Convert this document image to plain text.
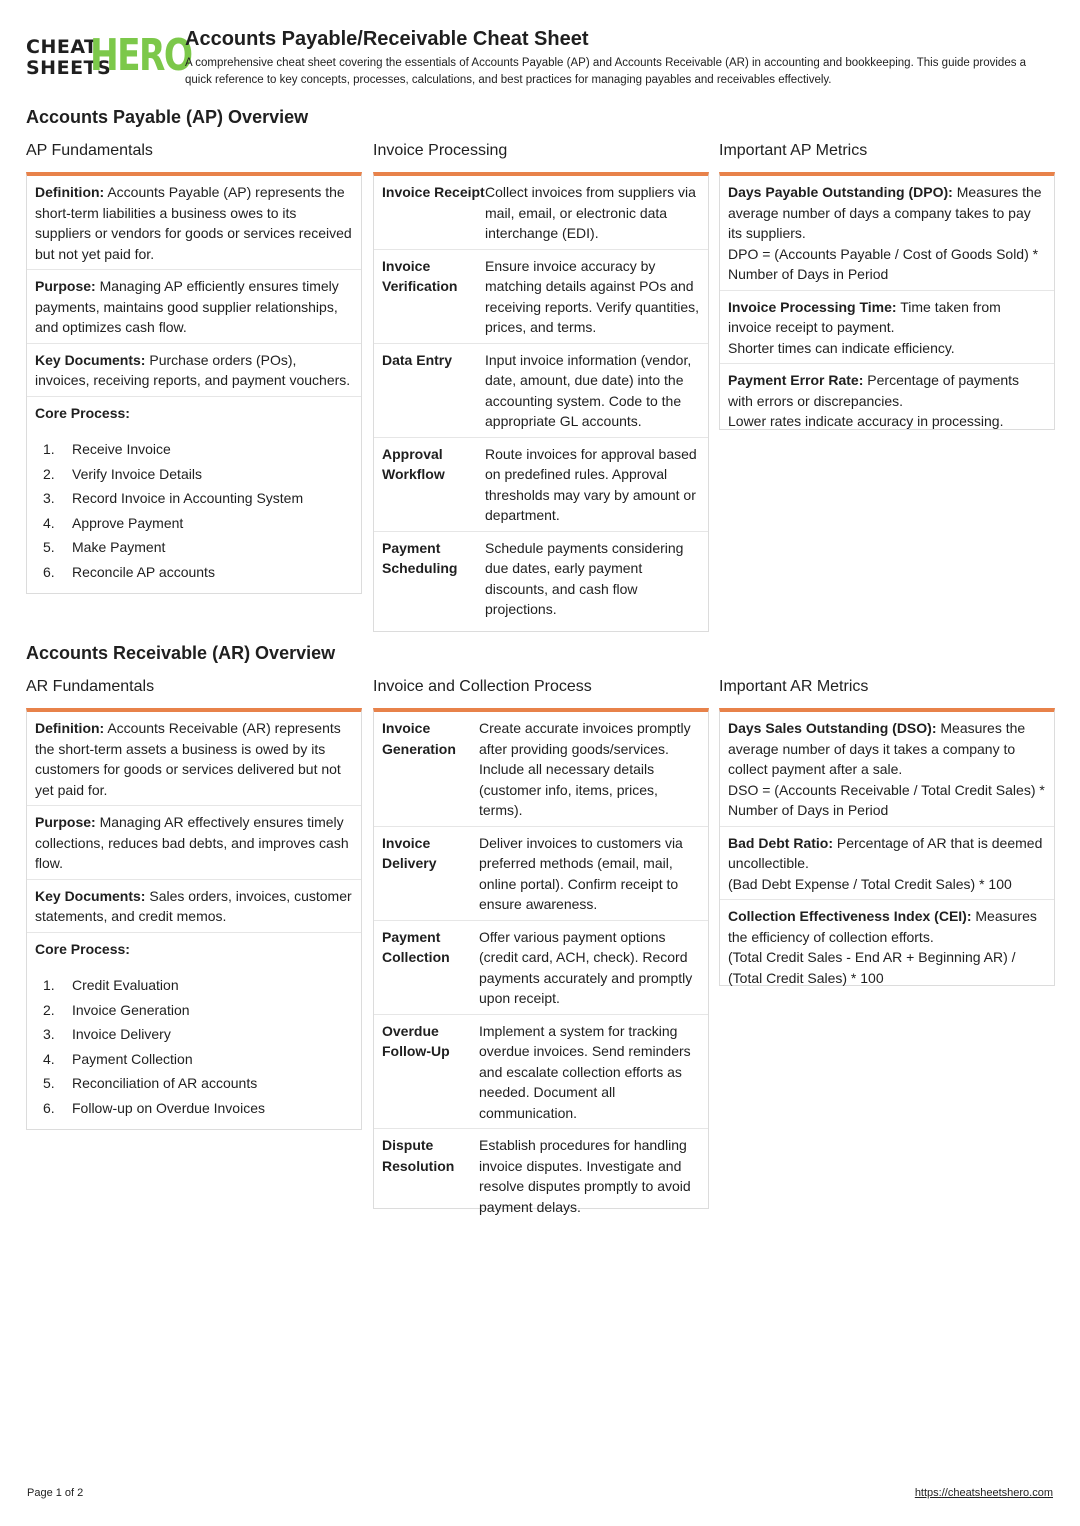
CHEAT
SHEETS
HERO
Accounts Payable/Receivable Cheat Sheet
A comprehensive cheat sheet covering the essentials of Accounts Payable (AP) and Accounts Receivable (AR) in accounting and bookkeeping. This guide provides a quick reference to key concepts, processes, calculations, and best practices for managing payables and receivables effectively.
Accounts Payable (AP) Overview
AP Fundamentals
Definition: Accounts Payable (AP) represents the short-term liabilities a business owes to its suppliers or vendors for goods or services received but not yet paid for.
Purpose: Managing AP efficiently ensures timely payments, maintains good supplier relationships, and optimizes cash flow.
Key Documents: Purchase orders (POs), invoices, receiving reports, and payment vouchers.
Core Process:
1. Receive Invoice
2. Verify Invoice Details
3. Record Invoice in Accounting System
4. Approve Payment
5. Make Payment
6. Reconcile AP accounts
Invoice Processing
Invoice Receipt Collect invoices from suppliers via mail, email, or electronic data interchange (EDI).
Invoice Verification
Ensure invoice accuracy by matching details against POs and receiving reports. Verify quantities, prices, and terms.
Data Entry	Input invoice information (vendor, date, amount, due date) into the accounting system. Code to the appropriate GL accounts.
Approval Workflow
Route invoices for approval based on predefined rules. Approval thresholds may vary by amount or department.
Payment Scheduling
Schedule payments considering due dates, early payment discounts, and cash flow projections.
Important AP Metrics
Days Payable Outstanding (DPO): Measures the average number of days a company takes to pay its suppliers.
DPO = (Accounts Payable / Cost of Goods Sold) * Number of Days in Period
Invoice Processing Time: Time taken from invoice receipt to payment.
Shorter times can indicate efficiency.
Payment Error Rate: Percentage of payments with errors or discrepancies.
Lower rates indicate accuracy in processing.
Accounts Receivable (AR) Overview
AR Fundamentals
Definition: Accounts Receivable (AR) represents the short-term assets a business is owed by its customers for goods or services delivered but not yet paid for.
Purpose: Managing AR effectively ensures timely collections, reduces bad debts, and improves cash flow.
Key Documents: Sales orders, invoices, customer statements, and credit memos.
Core Process:
1. Credit Evaluation
2. Invoice Generation
3. Invoice Delivery
4. Payment Collection
5. Reconciliation of AR accounts
6. Follow-up on Overdue Invoices
Invoice and Collection Process
Invoice Generation
Create accurate invoices promptly after providing goods/services. Include all necessary details (customer info, items, prices, terms).
Invoice Delivery
Deliver invoices to customers via preferred methods (email, mail, online portal). Confirm receipt to ensure awareness.
Payment Collection
Offer various payment options (credit card, ACH, check). Record payments accurately and promptly upon receipt.
Overdue Follow-Up
Implement a system for tracking overdue invoices. Send reminders and escalate collection efforts as needed. Document all communication.
Dispute Resolution
Establish procedures for handling invoice disputes. Investigate and resolve disputes promptly to avoid payment delays.
Important AR Metrics
Days Sales Outstanding (DSO): Measures the average number of days it takes a company to collect payment after a sale.
DSO = (Accounts Receivable / Total Credit Sales) * Number of Days in Period
Bad Debt Ratio: Percentage of AR that is deemed uncollectible.
(Bad Debt Expense / Total Credit Sales) * 100
Collection Effectiveness Index (CEI): Measures the efficiency of collection efforts.
(Total Credit Sales - End AR + Beginning AR) / (Total Credit Sales) * 100
Page 1 of 2	https://cheatsheetshero.com
